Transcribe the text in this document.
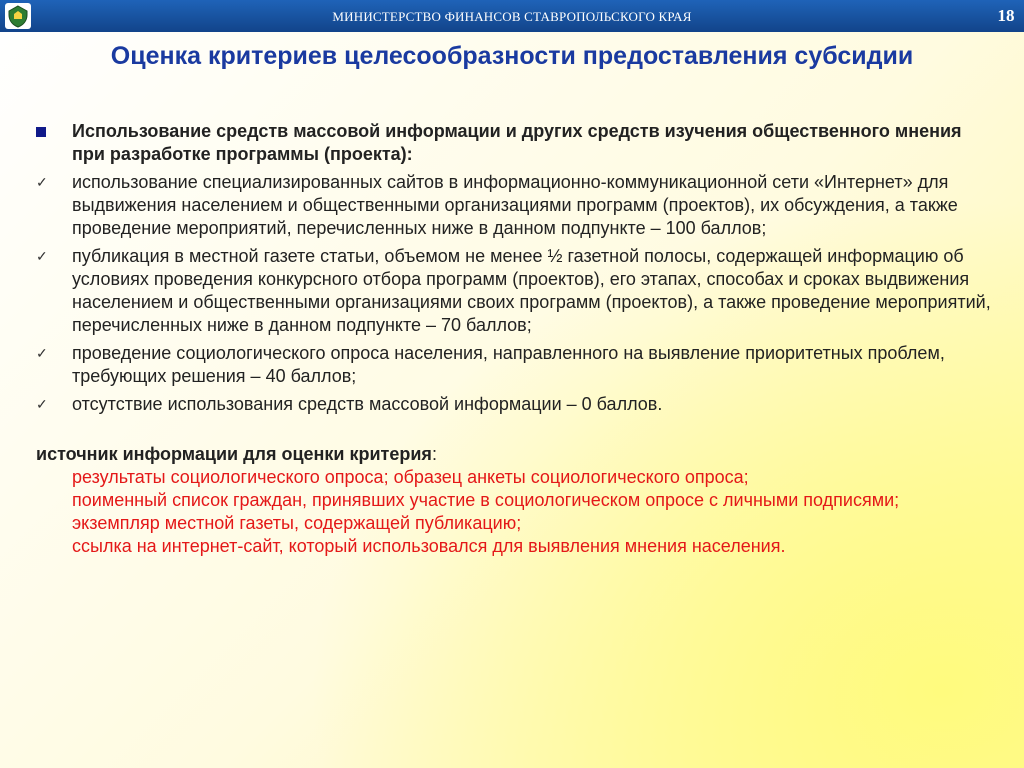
МИНИСТЕРСТВО ФИНАНСОВ СТАВРОПОЛЬСКОГО КРАЯ	18
Оценка критериев целесообразности предоставления субсидии
Использование средств массовой информации и других средств изучения общественного мнения при разработке программы (проекта):
✓ использование специализированных сайтов в информационно-коммуникационной сети «Интернет» для выдвижения населением и общественными организациями программ (проектов), их обсуждения, а также проведение мероприятий, перечисленных ниже в данном подпункте – 100 баллов;
✓ публикация в местной газете статьи, объемом не менее ½ газетной полосы, содержащей информацию об условиях проведения конкурсного отбора программ (проектов), его этапах, способах и сроках выдвижения населением и общественными организациями своих программ (проектов), а также проведение мероприятий, перечисленных ниже в данном подпункте – 70 баллов;
✓ проведение социологического опроса населения, направленного на выявление приоритетных проблем, требующих решения – 40 баллов;
✓ отсутствие использования средств массовой информации – 0 баллов.
источник информации для оценки критерия:
результаты социологического опроса; образец анкеты социологического опроса;
поименный список граждан, принявших участие в социологическом опросе с личными подписями;
экземпляр местной газеты, содержащей публикацию;
ссылка на интернет-сайт, который использовался для выявления мнения населения.
